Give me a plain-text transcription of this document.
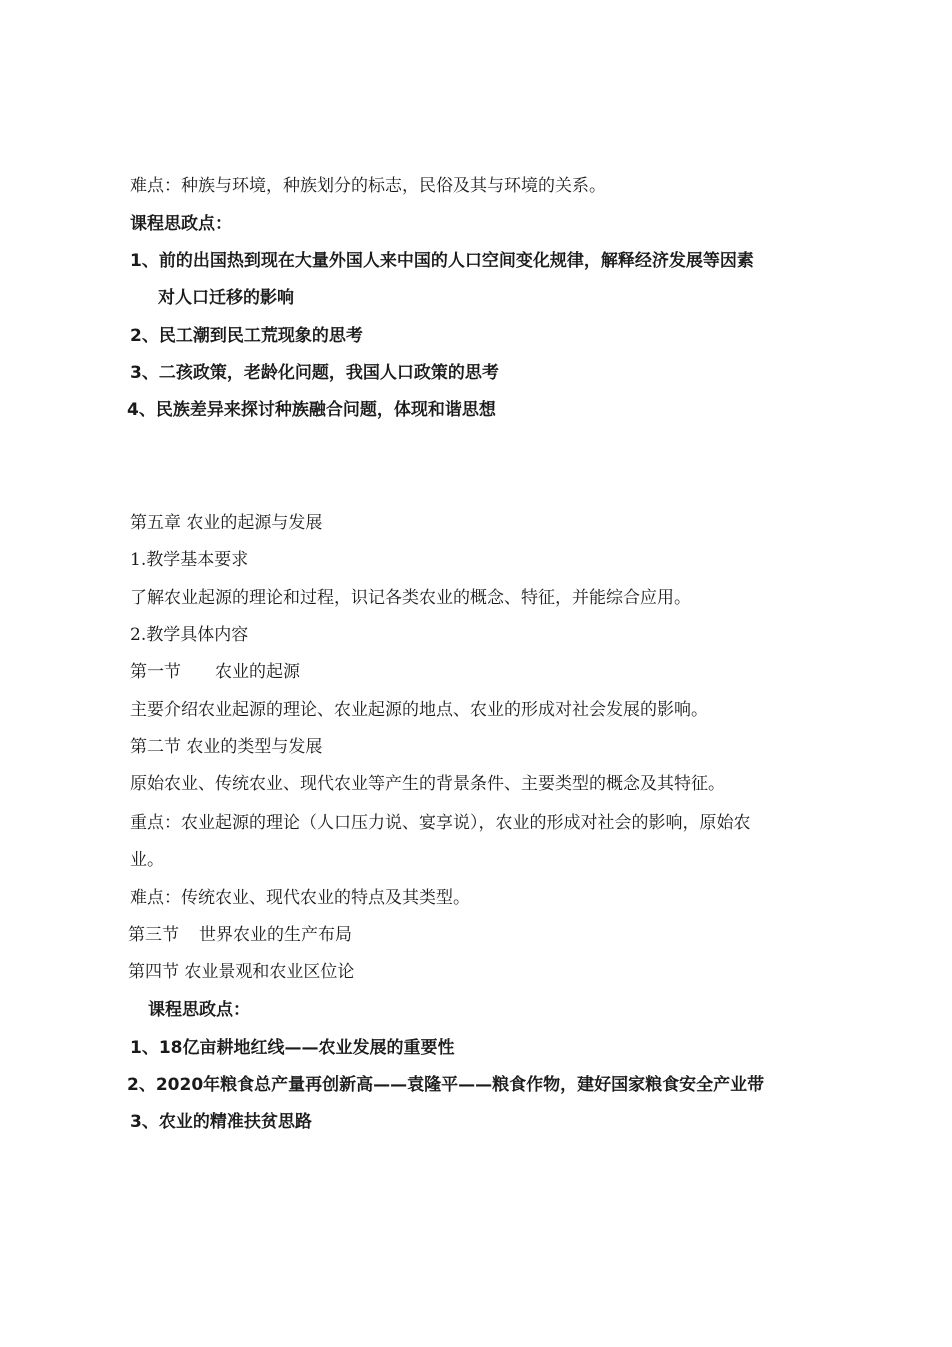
难点：种族与环境，种族划分的标志，民俗及其与环境的关系。
课程思政点：
1、前的出国热到现在大量外国人来中国的人口空间变化规律，解释经济发展等因素
对人口迁移的影响
2、民工潮到民工荒现象的思考
3、二孩政策，老龄化问题，我国人口政策的思考
4、民族差异来探讨种族融合问题，体现和谐思想
第五章 农业的起源与发展
1.教学基本要求
了解农业起源的理论和过程，识记各类农业的概念、特征，并能综合应用。
2.教学具体内容
第一节 农业的起源
主要介绍农业起源的理论、农业起源的地点、农业的形成对社会发展的影响。
第二节 农业的类型与发展
原始农业、传统农业、现代农业等产生的背景条件、主要类型的概念及其特征。
重点：农业起源的理论（人口压力说、宴享说），农业的形成对社会的影响，原始农
业。
难点：传统农业、现代农业的特点及其类型。
第三节 世界农业的生产布局
第四节 农业景观和农业区位论
课程思政点：
1、18亿亩耕地红线——农业发展的重要性
2、2020年粮食总产量再创新高——袁隆平——粮食作物，建好国家粮食安全产业带
3、农业的精准扶贫思路
